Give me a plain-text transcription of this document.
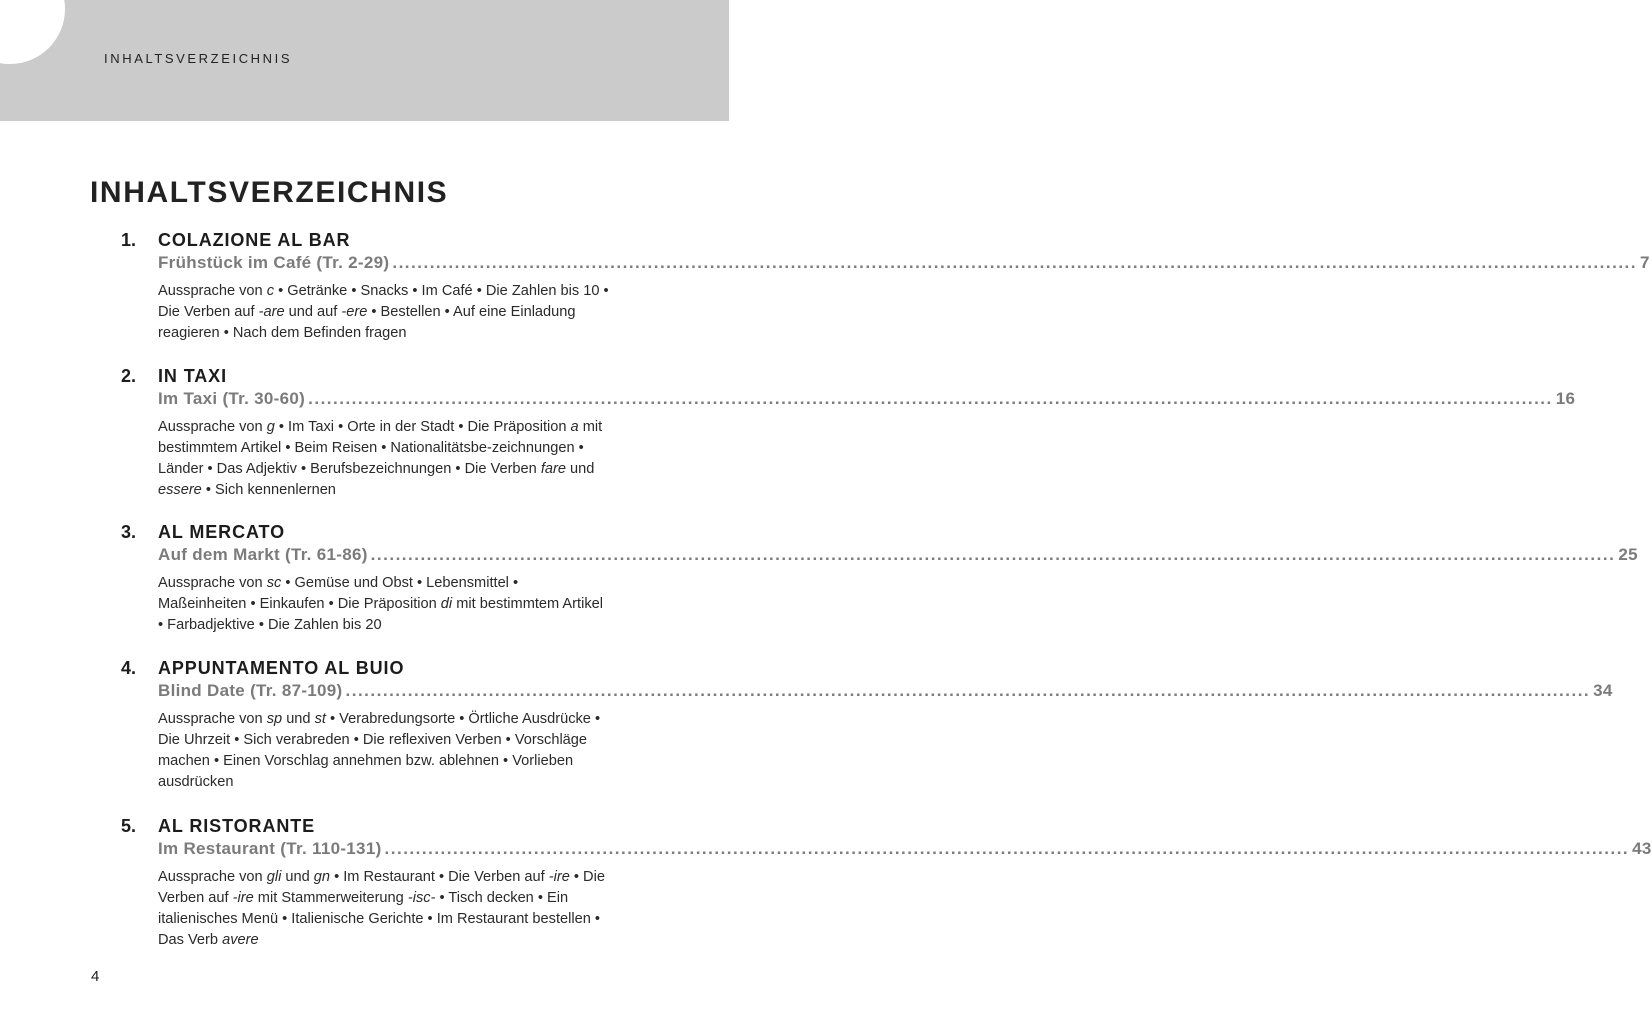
INHALTSVERZEICHNIS
INHALTSVERZEICHNIS
1. COLAZIONE AL BAR
Frühstück im Café (Tr. 2-29) ........................................................................................................................................................................................................ 7

Aussprache von c • Getränke • Snacks • Im Café • Die Zahlen bis 10 • Die Verben auf -are und auf -ere • Bestellen • Auf eine Einladung reagieren • Nach dem Befinden fragen

2. IN TAXI
Im Taxi (Tr. 30-60) ........................................................................................................................................................................................................ 16

Aussprache von g • Im Taxi • Orte in der Stadt • Die Präposition a mit bestimmtem Artikel • Beim Reisen • Nationalitätsbe-zeichnungen • Länder • Das Adjektiv • Berufsbezeichnungen • Die Verben fare und essere • Sich kennenlernen

3. AL MERCATO
Auf dem Markt (Tr. 61-86) ........................................................................................................................................................................................................ 25

Aussprache von sc • Gemüse und Obst • Lebensmittel • Maßeinheiten • Einkaufen • Die Präposition di mit bestimmtem Artikel • Farbadjektive • Die Zahlen bis 20

4. APPUNTAMENTO AL BUIO
Blind Date (Tr. 87-109) ........................................................................................................................................................................................................ 34

Aussprache von sp und st • Verabredungsorte • Örtliche Ausdrücke • Die Uhrzeit • Sich verabreden • Die reflexiven Verben • Vorschläge machen • Einen Vorschlag annehmen bzw. ablehnen • Vorlieben ausdrücken

5. AL RISTORANTE
Im Restaurant (Tr. 110-131) ........................................................................................................................................................................................................ 43

Aussprache von gli und gn • Im Restaurant • Die Verben auf -ire • Die Verben auf -ire mit Stammerweiterung -isc- • Tisch decken • Ein italienisches Menü • Italienische Gerichte • Im Restaurant bestellen • Das Verb avere

4
